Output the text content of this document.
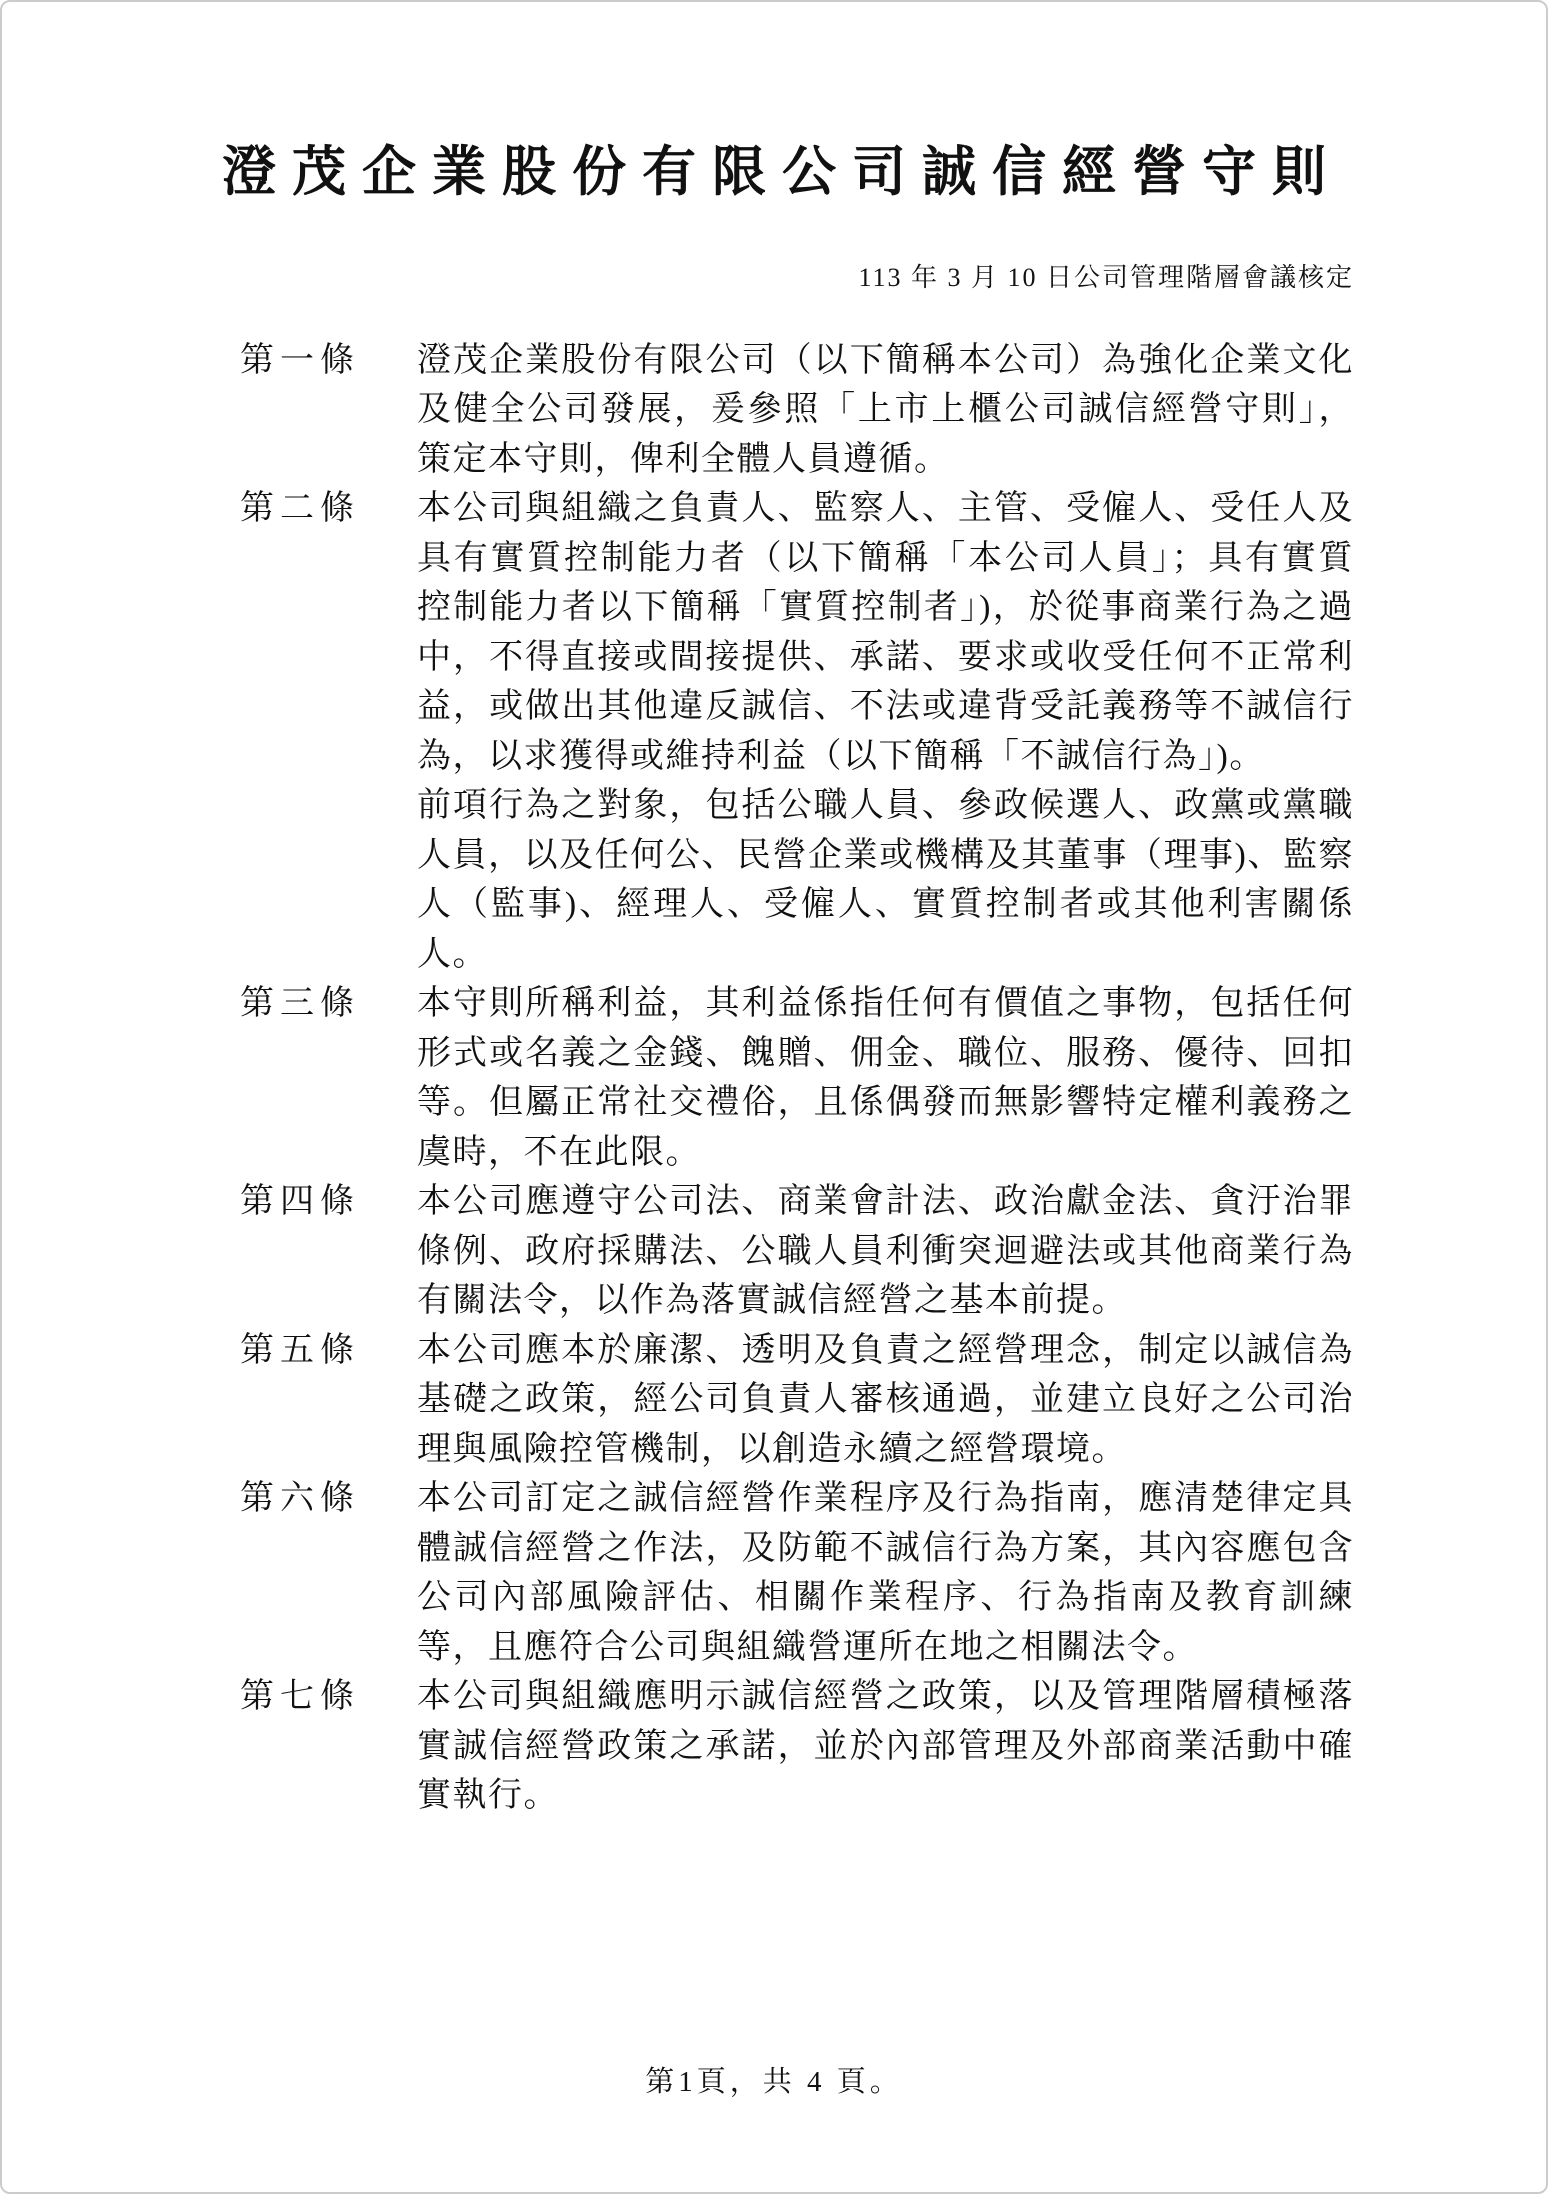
澄茂企業股份有限公司誠信經營守則
113 年 3 月 10 日公司管理階層會議核定
第一條	澄茂企業股份有限公司（以下簡稱本公司）為強化企業文化及健全公司發展，爰參照「上市上櫃公司誠信經營守則」，策定本守則，俾利全體人員遵循。

第二條	本公司與組織之負責人、監察人、主管、受僱人、受任人及具有實質控制能力者（以下簡稱「本公司人員」；具有實質控制能力者以下簡稱「實質控制者」)，於從事商業行為之過中，不得直接或間接提供、承諾、要求或收受任何不正常利益，或做出其他違反誠信、不法或違背受託義務等不誠信行為，以求獲得或維持利益（以下簡稱「不誠信行為」)。

前項行為之對象，包括公職人員、參政候選人、政黨或黨職人員，以及任何公、民營企業或機構及其董事（理事)、監察人（監事)、經理人、受僱人、實質控制者或其他利害關係人。

第三條	本守則所稱利益，其利益係指任何有價值之事物，包括任何形式或名義之金錢、餽贈、佣金、職位、服務、優待、回扣等。但屬正常社交禮俗，且係偶發而無影響特定權利義務之虞時，不在此限。

第四條	本公司應遵守公司法、商業會計法、政治獻金法、貪汙治罪條例、政府採購法、公職人員利衝突迴避法或其他商業行為有關法令，以作為落實誠信經營之基本前提。

第五條	本公司應本於廉潔、透明及負責之經營理念，制定以誠信為基礎之政策，經公司負責人審核通過，並建立良好之公司治理與風險控管機制，以創造永續之經營環境。

第六條	本公司訂定之誠信經營作業程序及行為指南，應清楚律定具體誠信經營之作法，及防範不誠信行為方案，其內容應包含公司內部風險評估、相關作業程序、行為指南及教育訓練等，且應符合公司與組織營運所在地之相關法令。

第七條	本公司與組織應明示誠信經營之政策，以及管理階層積極落實誠信經營政策之承諾，並於內部管理及外部商業活動中確實執行。

第1頁，共 4 頁。
